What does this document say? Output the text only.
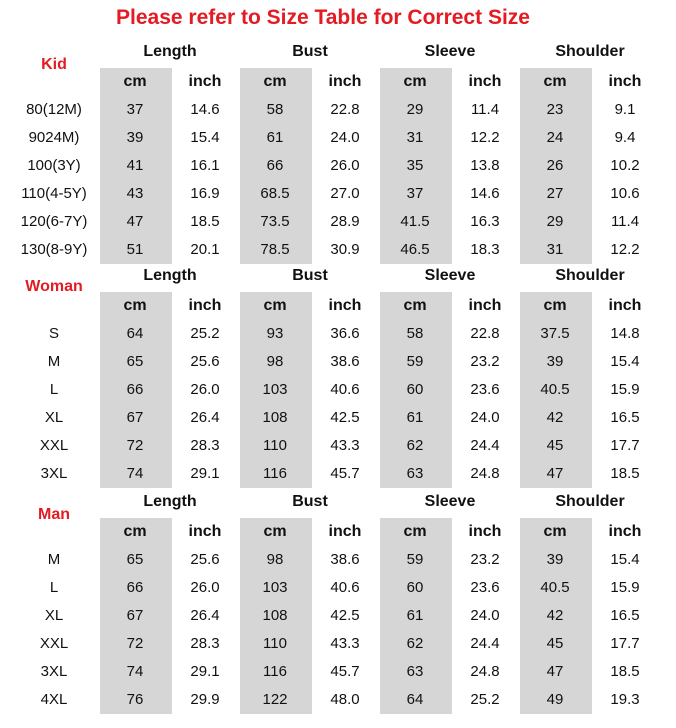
Please refer to Size Table for Correct Size
Kid
Length
cm	inch
Bust
cm	inch
Sleeve
cm	inch
Shoulder
cm	inch
80(12M)	37	14.6	58	22.8	29	11.4	23	9.1
9024M)	39	15.4	61	24.0	31	12.2	24	9.4
100(3Y)	41	16.1	66	26.0	35	13.8	26	10.2
110(4-5Y)	43	16.9	68.5	27.0	37	14.6	27	10.6
120(6-7Y)	47	18.5	73.5	28.9	41.5	16.3	29	11.4
130(8-9Y)	51	20.1	78.5	30.9	46.5	18.3	31	12.2
Woman
Length
cm	inch
Bust
cm	inch
Sleeve
cm	inch
Shoulder
cm	inch
S	64	25.2	93	36.6	58	22.8	37.5	14.8
M	65	25.6	98	38.6	59	23.2	39	15.4
L	66	26.0	103	40.6	60	23.6	40.5	15.9
XL	67	26.4	108	42.5	61	24.0	42	16.5
XXL	72	28.3	110	43.3	62	24.4	45	17.7
3XL	74	29.1	116	45.7	63	24.8	47	18.5
Man
Length
cm	inch
Bust
cm	inch
Sleeve
cm	inch
Shoulder
cm	inch
M	65	25.6	98	38.6	59	23.2	39	15.4
L	66	26.0	103	40.6	60	23.6	40.5	15.9
XL	67	26.4	108	42.5	61	24.0	42	16.5
XXL	72	28.3	110	43.3	62	24.4	45	17.7
3XL	74	29.1	116	45.7	63	24.8	47	18.5
4XL	76	29.9	122	48.0	64	25.2	49	19.3
